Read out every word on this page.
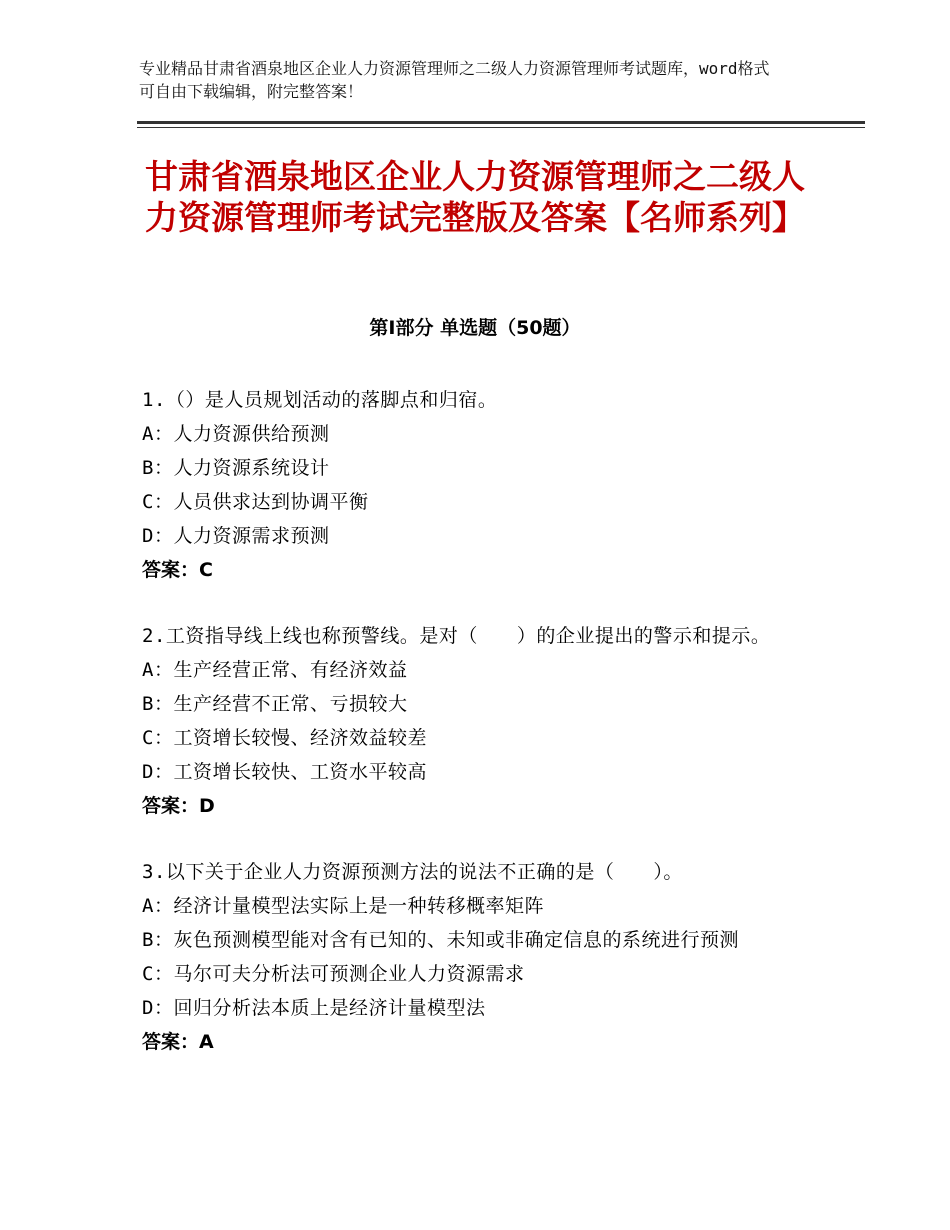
专业精品甘肃省酒泉地区企业人力资源管理师之二级人力资源管理师考试题库，word格式可自由下载编辑，附完整答案！
甘肃省酒泉地区企业人力资源管理师之二级人力资源管理师考试完整版及答案【名师系列】
第Ⅰ部分 单选题（50题）
1.（）是人员规划活动的落脚点和归宿。
A：人力资源供给预测
B：人力资源系统设计
C：人员供求达到协调平衡
D：人力资源需求预测
答案：C
2.工资指导线上线也称预警线。是对（　　）的企业提出的警示和提示。
A：生产经营正常、有经济效益
B：生产经营不正常、亏损较大
C：工资增长较慢、经济效益较差
D：工资增长较快、工资水平较高
答案：D
3.以下关于企业人力资源预测方法的说法不正确的是（　　）。
A：经济计量模型法实际上是一种转移概率矩阵
B：灰色预测模型能对含有已知的、未知或非确定信息的系统进行预测
C：马尔可夫分析法可预测企业人力资源需求
D：回归分析法本质上是经济计量模型法
答案：A
